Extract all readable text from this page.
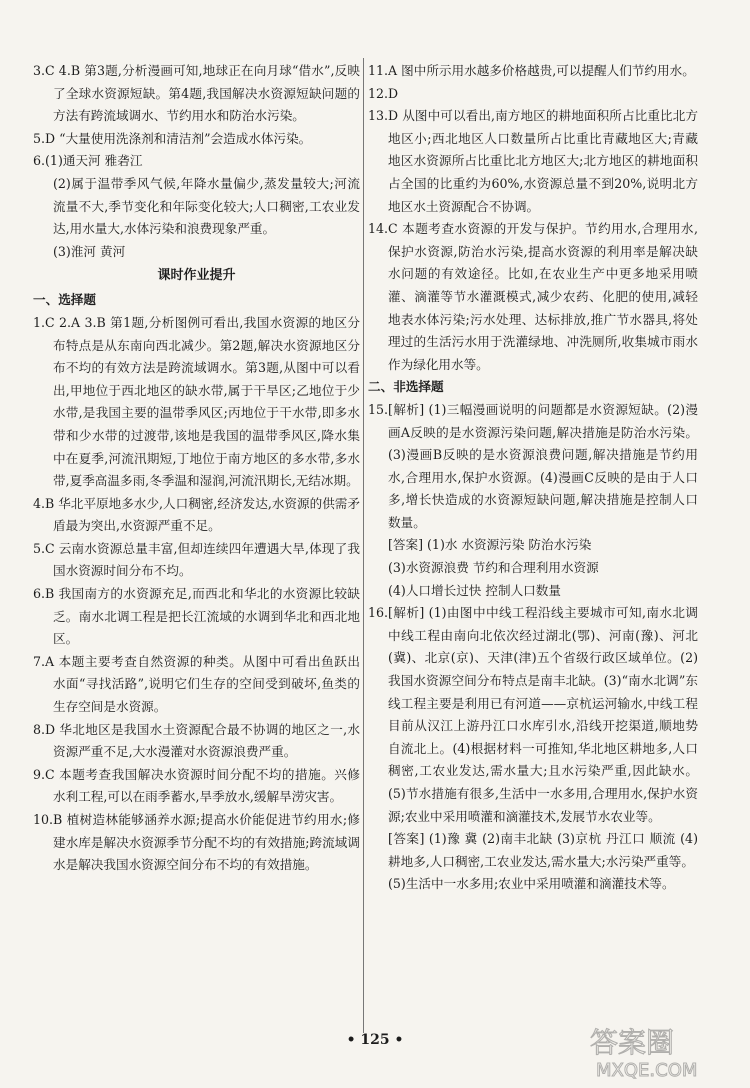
3.C 4.B 第3题,分析漫画可知,地球正在向月球“借水”,反映了全球水资源短缺。第4题,我国解决水资源短缺问题的方法有跨流域调水、节约用水和防治水污染。

5.D “大量使用洗涤剂和清洁剂”会造成水体污染。

6.(1)通天河 雅砻江

(2)属于温带季风气候,年降水量偏少,蒸发量较大;河流流量不大,季节变化和年际变化较大;人口稠密,工农业发达,用水量大,水体污染和浪费现象严重。

(3)淮河 黄河

课时作业提升

一、选择题

1.C 2.A 3.B 第1题,分析图例可看出,我国水资源的地区分布特点是从东南向西北减少。第2题,解决水资源地区分布不均的有效方法是跨流域调水。第3题,从图中可以看出,甲地位于西北地区的缺水带,属于干旱区;乙地位于少水带,是我国主要的温带季风区;丙地位于干水带,即多水带和少水带的过渡带,该地是我国的温带季风区,降水集中在夏季,河流汛期短,丁地位于南方地区的多水带,多水带,夏季高温多雨,冬季温和湿润,河流汛期长,无结冰期。

4.B 华北平原地多水少,人口稠密,经济发达,水资源的供需矛盾最为突出,水资源严重不足。

5.C 云南水资源总量丰富,但却连续四年遭遇大旱,体现了我国水资源时间分布不均。

6.B 我国南方的水资源充足,而西北和华北的水资源比较缺乏。南水北调工程是把长江流域的水调到华北和西北地区。

7.A 本题主要考查自然资源的种类。从图中可看出鱼跃出水面“寻找活路”,说明它们生存的空间受到破坏,鱼类的生存空间是水资源。

8.D 华北地区是我国水土资源配合最不协调的地区之一,水资源严重不足,大水漫灌对水资源浪费严重。

9.C 本题考查我国解决水资源时间分配不均的措施。兴修水利工程,可以在雨季蓄水,旱季放水,缓解旱涝灾害。

10.B 植树造林能够涵养水源;提高水价能促进节约用水;修建水库是解决水资源季节分配不均的有效措施;跨流域调水是解决我国水资源空间分布不均的有效措施。

11.A 图中所示用水越多价格越贵,可以提醒人们节约用水。

12.D

13.D 从图中可以看出,南方地区的耕地面积所占比重比北方地区小;西北地区人口数量所占比重比青藏地区大;青藏地区水资源所占比重比北方地区大;北方地区的耕地面积占全国的比重约为60%,水资源总量不到20%,说明北方地区水土资源配合不协调。

14.C 本题考查水资源的开发与保护。节约用水,合理用水,保护水资源,防治水污染,提高水资源的利用率是解决缺水问题的有效途径。比如,在农业生产中更多地采用喷灌、滴灌等节水灌溉模式,减少农药、化肥的使用,减轻地表水体污染;污水处理、达标排放,推广节水器具,将处理过的生活污水用于洗灌绿地、冲洗厕所,收集城市雨水作为绿化用水等。

二、非选择题

15.[解析] (1)三幅漫画说明的问题都是水资源短缺。(2)漫画A反映的是水资源污染问题,解决措施是防治水污染。(3)漫画B反映的是水资源浪费问题,解决措施是节约用水,合理用水,保护水资源。(4)漫画C反映的是由于人口多,增长快造成的水资源短缺问题,解决措施是控制人口数量。

[答案] (1)水 水资源污染 防治水污染

(3)水资源浪费 节约和合理利用水资源

(4)人口增长过快 控制人口数量

16.[解析] (1)由图中中线工程沿线主要城市可知,南水北调中线工程由南向北依次经过湖北(鄂)、河南(豫)、河北(冀)、北京(京)、天津(津)五个省级行政区域单位。(2)我国水资源空间分布特点是南丰北缺。(3)“南水北调”东线工程主要是利用已有河道——京杭运河输水,中线工程目前从汉江上游丹江口水库引水,沿线开挖渠道,顺地势自流北上。(4)根据材料一可推知,华北地区耕地多,人口稠密,工农业发达,需水量大;且水污染严重,因此缺水。(5)节水措施有很多,生活中一水多用,合理用水,保护水资源;农业中采用喷灌和滴灌技术,发展节水农业等。

[答案] (1)豫 冀 (2)南丰北缺 (3)京杭 丹江口 顺流 (4)耕地多,人口稠密,工农业发达,需水量大;水污染严重等。

(5)生活中一水多用;农业中采用喷灌和滴灌技术等。

• 125 •	答案圈
MXQE.COM
